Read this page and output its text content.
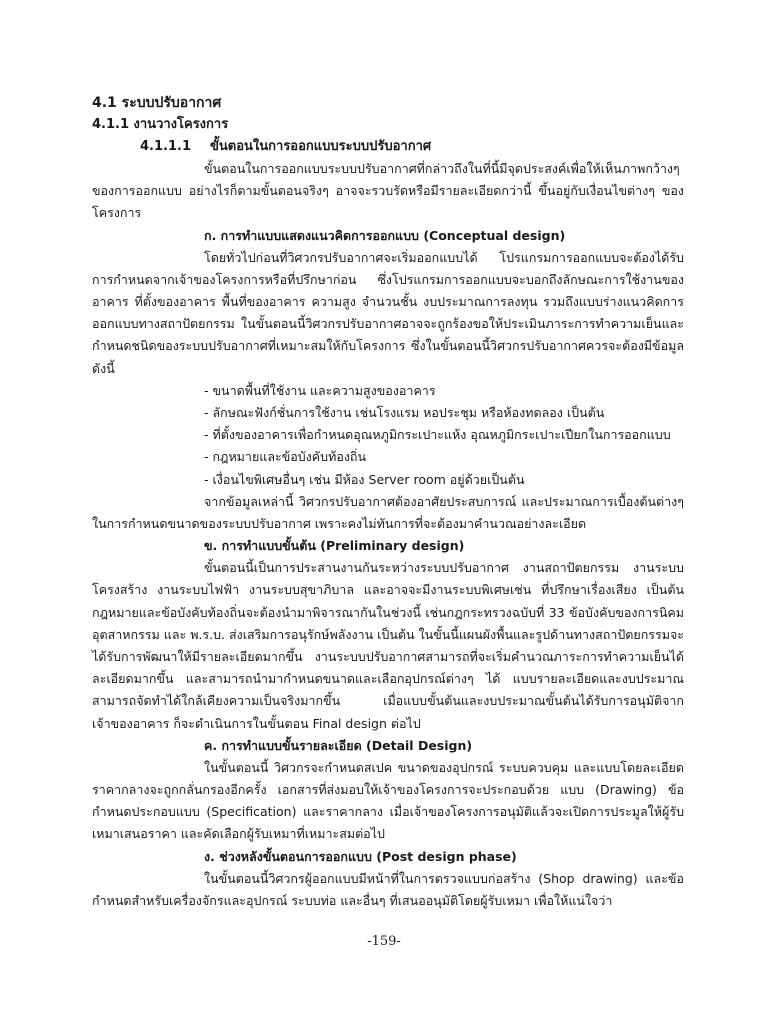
4.1 ระบบปรับอากาศ
4.1.1 งานวางโครงการ
4.1.1.1 ขั้นตอนในการออกแบบระบบปรับอากาศ

ขั้นตอนในการออกแบบระบบปรับอากาศที่กล่าวถึงในที่นี้มีจุดประสงค์เพื่อให้เห็นภาพกว้างๆของการออกแบบ อย่างไรก็ตามขั้นตอนจริงๆ อาจจะรวบรัดหรือมีรายละเอียดกว่านี้ ขึ้นอยู่กับเงื่อนไขต่างๆ ของโครงการ

ก. การทำแบบแสดงแนวคิดการออกแบบ (Conceptual design)

โดยทั่วไปก่อนที่วิศวกรปรับอากาศจะเริ่มออกแบบได้ โปรแกรมการออกแบบจะต้องได้รับการกำหนดจากเจ้าของโครงการหรือที่ปรึกษาก่อน ซึ่งโปรแกรมการออกแบบจะบอกถึงลักษณะการใช้งานของอาคาร ที่ตั้งของอาคาร พื้นที่ของอาคาร ความสูง จำนวนชั้น งบประมาณการลงทุน รวมถึงแบบร่างแนวคิดการออกแบบทางสถาปัตยกรรม ในขั้นตอนนี้วิศวกรปรับอากาศอาจจะถูกร้องขอให้ประเมินภาระการทำความเย็นและกำหนดชนิดของระบบปรับอากาศที่เหมาะสมให้กับโครงการ ซึ่งในขั้นตอนนี้วิศวกรปรับอากาศควรจะต้องมีข้อมูลดังนี้

- ขนาดพื้นที่ใช้งาน และความสูงของอาคาร
- ลักษณะฟังก์ชั่นการใช้งาน เช่นโรงแรม หอประชุม หรือห้องทดลอง เป็นต้น
- ที่ตั้งของอาคารเพื่อกำหนดอุณหภูมิกระเปาะแห้ง อุณหภูมิกระเปาะเปียกในการออกแบบ
- กฎหมายและข้อบังคับท้องถิ่น
- เงื่อนไขพิเศษอื่นๆ เช่น มีห้อง Server room อยู่ด้วยเป็นต้น

จากข้อมูลเหล่านี้ วิศวกรปรับอากาศต้องอาศัยประสบการณ์ และประมาณการเบื้องต้นต่างๆ ในการกำหนดขนาดของระบบปรับอากาศ เพราะคงไม่ทันการที่จะต้องมาคำนวณอย่างละเอียด

ข. การทำแบบขั้นต้น (Preliminary design)

ขั้นตอนนี้เป็นการประสานงานกันระหว่างระบบปรับอากาศ งานสถาปัตยกรรม งานระบบโครงสร้าง งานระบบไฟฟ้า งานระบบสุขาภิบาล และอาจจะมีงานระบบพิเศษเช่น ที่ปรึกษาเรื่องเสียง เป็นต้น กฎหมายและข้อบังคับท้องถิ่นจะต้องนำมาพิจารณากันในช่วงนี้ เช่นกฎกระทรวงฉบับที่ 33 ข้อบังคับของการนิคมอุตสาหกรรม และ พ.ร.บ. ส่งเสริมการอนุรักษ์พลังงาน เป็นต้น ในขั้นนี้แผนผังพื้นและรูปด้านทางสถาปัตยกรรมจะได้รับการพัฒนาให้มีรายละเอียดมากขึ้น งานระบบปรับอากาศสามารถที่จะเริ่มคำนวณภาระการทำความเย็นได้ละเอียดมากขึ้น และสามารถนำมากำหนดขนาดและเลือกอุปกรณ์ต่างๆ ได้ แบบรายละเอียดและงบประมาณสามารถจัดทำได้ใกล้เคียงความเป็นจริงมากขึ้น เมื่อแบบขั้นต้นและงบประมาณขั้นต้นได้รับการอนุมัติจากเจ้าของอาคาร ก็จะดำเนินการในขั้นตอน Final design ต่อไป

ค. การทำแบบขั้นรายละเอียด (Detail Design)

ในขั้นตอนนี้ วิศวกรจะกำหนดสเปค ขนาดของอุปกรณ์ ระบบควบคุม และแบบโดยละเอียด ราคากลางจะถูกกลั่นกรองอีกครั้ง เอกสารที่ส่งมอบให้เจ้าของโครงการจะประกอบด้วย แบบ (Drawing) ข้อกำหนดประกอบแบบ (Specification) และราคากลาง เมื่อเจ้าของโครงการอนุมัติแล้วจะเปิดการประมูลให้ผู้รับเหมาเสนอราคา และคัดเลือกผู้รับเหมาที่เหมาะสมต่อไป

ง. ช่วงหลังขั้นตอนการออกแบบ (Post design phase)

ในขั้นตอนนี้วิศวกรผู้ออกแบบมีหน้าที่ในการตรวจแบบก่อสร้าง (Shop drawing) และข้อกำหนดสำหรับเครื่องจักรและอุปกรณ์ ระบบท่อ และอื่นๆ ที่เสนออนุมัติโดยผู้รับเหมา เพื่อให้แน่ใจว่า

-159-
